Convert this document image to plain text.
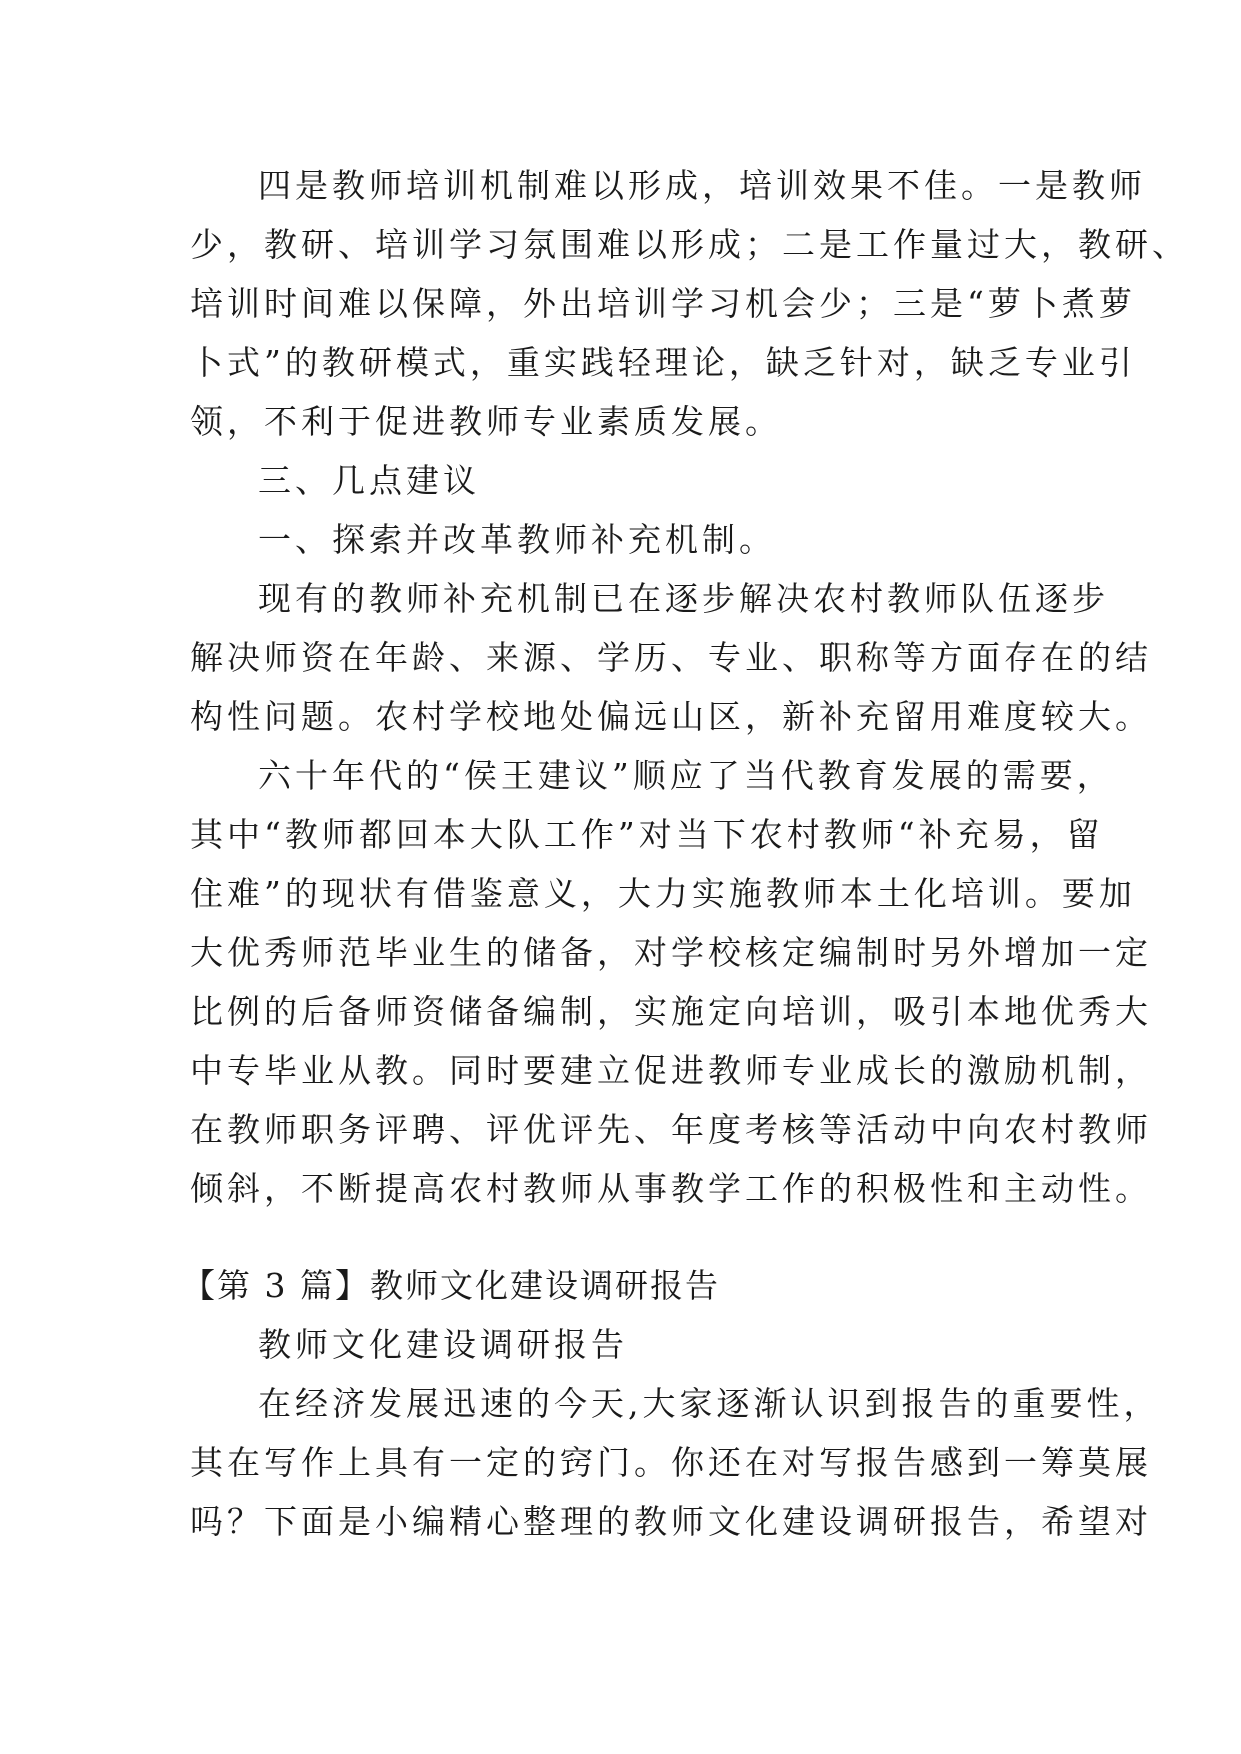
四是教师培训机制难以形成，培训效果不佳。一是教师
少，教研、培训学习氛围难以形成；二是工作量过大，教研、
培训时间难以保障，外出培训学习机会少；三是“萝卜煮萝
卜式”的教研模式，重实践轻理论，缺乏针对，缺乏专业引
领，不利于促进教师专业素质发展。
三、几点建议
一、探索并改革教师补充机制。
现有的教师补充机制已在逐步解决农村教师队伍逐步
解决师资在年龄、来源、学历、专业、职称等方面存在的结
构性问题。农村学校地处偏远山区，新补充留用难度较大。
六十年代的“侯王建议”顺应了当代教育发展的需要，
其中“教师都回本大队工作”对当下农村教师“补充易，留
住难”的现状有借鉴意义，大力实施教师本土化培训。要加
大优秀师范毕业生的储备，对学校核定编制时另外增加一定
比例的后备师资储备编制，实施定向培训，吸引本地优秀大
中专毕业从教。同时要建立促进教师专业成长的激励机制，
在教师职务评聘、评优评先、年度考核等活动中向农村教师
倾斜，不断提高农村教师从事教学工作的积极性和主动性。
【第 3 篇】教师文化建设调研报告
教师文化建设调研报告
在经济发展迅速的今天,大家逐渐认识到报告的重要性，
其在写作上具有一定的窍门。你还在对写报告感到一筹莫展
吗？下面是小编精心整理的教师文化建设调研报告，希望对
